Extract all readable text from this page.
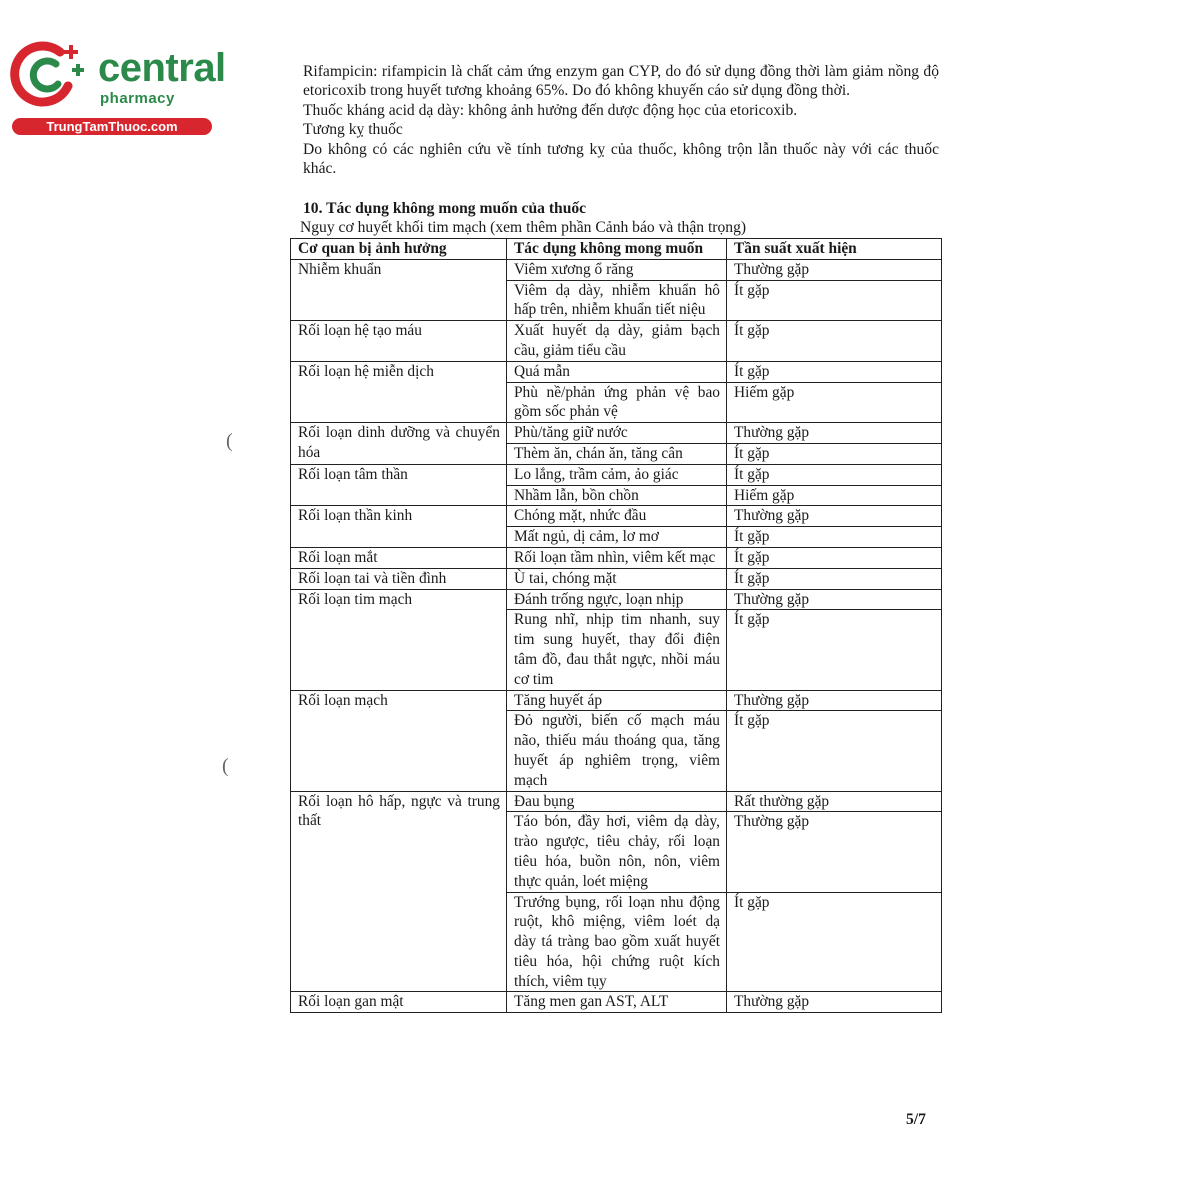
central
pharmacy
TrungTamThuoc.com

Rifampicin: rifampicin là chất cảm ứng enzym gan CYP, do đó sử dụng đồng thời làm giảm nồng độ etoricoxib trong huyết tương khoảng 65%. Do đó không khuyến cáo sử dụng đồng thời.

Thuốc kháng acid dạ dày: không ảnh hưởng đến dược động học của etoricoxib.

Tương kỵ thuốc

Do không có các nghiên cứu về tính tương kỵ của thuốc, không trộn lẫn thuốc này với các thuốc khác.

10. Tác dụng không mong muốn của thuốc
Nguy cơ huyết khối tim mạch (xem thêm phần Cảnh báo và thận trọng)
Cơ quan bị ảnh hưởng	Tác dụng không mong muốn	Tần suất xuất hiện
Nhiễm khuẩn	Viêm xương ổ răng	Thường gặp
	Viêm dạ dày, nhiễm khuẩn hô hấp trên, nhiễm khuẩn tiết niệu	Ít gặp
Rối loạn hệ tạo máu	Xuất huyết dạ dày, giảm bạch cầu, giảm tiểu cầu	Ít gặp
Rối loạn hệ miễn dịch	Quá mẫn	Ít gặp
	Phù nề/phản ứng phản vệ bao gồm sốc phản vệ	Hiếm gặp
Rối loạn dinh dưỡng và chuyển hóa	Phù/tăng giữ nước	Thường gặp
	Thèm ăn, chán ăn, tăng cân	Ít gặp
Rối loạn tâm thần	Lo lắng, trầm cảm, ảo giác	Ít gặp
	Nhầm lẫn, bồn chồn	Hiếm gặp
Rối loạn thần kinh	Chóng mặt, nhức đầu	Thường gặp
	Mất ngủ, dị cảm, lơ mơ	Ít gặp
Rối loạn mắt	Rối loạn tầm nhìn, viêm kết mạc	Ít gặp
Rối loạn tai và tiền đình	Ù tai, chóng mặt	Ít gặp
Rối loạn tim mạch	Đánh trống ngực, loạn nhịp	Thường gặp
	Rung nhĩ, nhịp tim nhanh, suy tim sung huyết, thay đổi điện tâm đồ, đau thắt ngực, nhồi máu cơ tim	Ít gặp
Rối loạn mạch	Tăng huyết áp	Thường gặp
	Đỏ người, biến cố mạch máu não, thiếu máu thoáng qua, tăng huyết áp nghiêm trọng, viêm mạch	Ít gặp
Rối loạn hô hấp, ngực và trung thất	Đau bụng	Rất thường gặp
	Táo bón, đầy hơi, viêm dạ dày, trào ngược, tiêu chảy, rối loạn tiêu hóa, buồn nôn, nôn, viêm thực quản, loét miệng	Thường gặp
	Trướng bụng, rối loạn nhu động ruột, khô miệng, viêm loét dạ dày tá tràng bao gồm xuất huyết tiêu hóa, hội chứng ruột kích thích, viêm tụy	Ít gặp
Rối loạn gan mật	Tăng men gan AST, ALT	Thường gặp
(
(
5/7
